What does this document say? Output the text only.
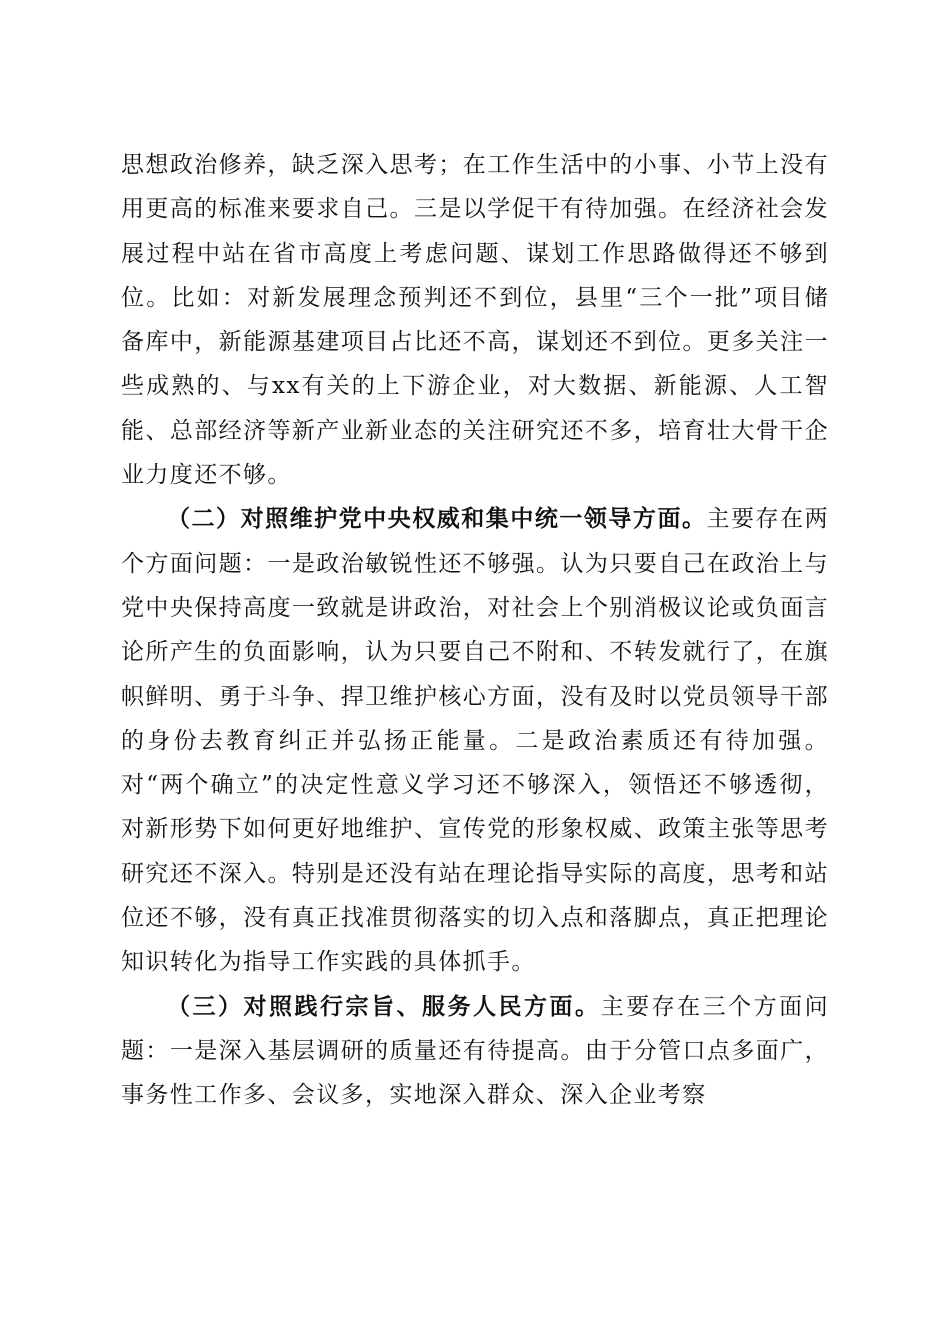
思想政治修养，缺乏深入思考；在工作生活中的小事、小节上没有用更高的标准来要求自己。三是以学促干有待加强。在经济社会发展过程中站在省市高度上考虑问题、谋划工作思路做得还不够到位。比如：对新发展理念预判还不到位，县里“三个一批”项目储备库中，新能源基建项目占比还不高，谋划还不到位。更多关注一些成熟的、与xx有关的上下游企业，对大数据、新能源、人工智能、总部经济等新产业新业态的关注研究还不多，培育壮大骨干企业力度还不够。

（二）对照维护党中央权威和集中统一领导方面。主要存在两个方面问题：一是政治敏锐性还不够强。认为只要自己在政治上与党中央保持高度一致就是讲政治，对社会上个别消极议论或负面言论所产生的负面影响，认为只要自己不附和、不转发就行了，在旗帜鲜明、勇于斗争、捍卫维护核心方面，没有及时以党员领导干部的身份去教育纠正并弘扬正能量。二是政治素质还有待加强。对“两个确立”的决定性意义学习还不够深入，领悟还不够透彻，对新形势下如何更好地维护、宣传党的形象权威、政策主张等思考研究还不深入。特别是还没有站在理论指导实际的高度，思考和站位还不够，没有真正找准贯彻落实的切入点和落脚点，真正把理论知识转化为指导工作实践的具体抓手。

（三）对照践行宗旨、服务人民方面。主要存在三个方面问题：一是深入基层调研的质量还有待提高。由于分管口点多面广，事务性工作多、会议多，实地深入群众、深入企业考察
